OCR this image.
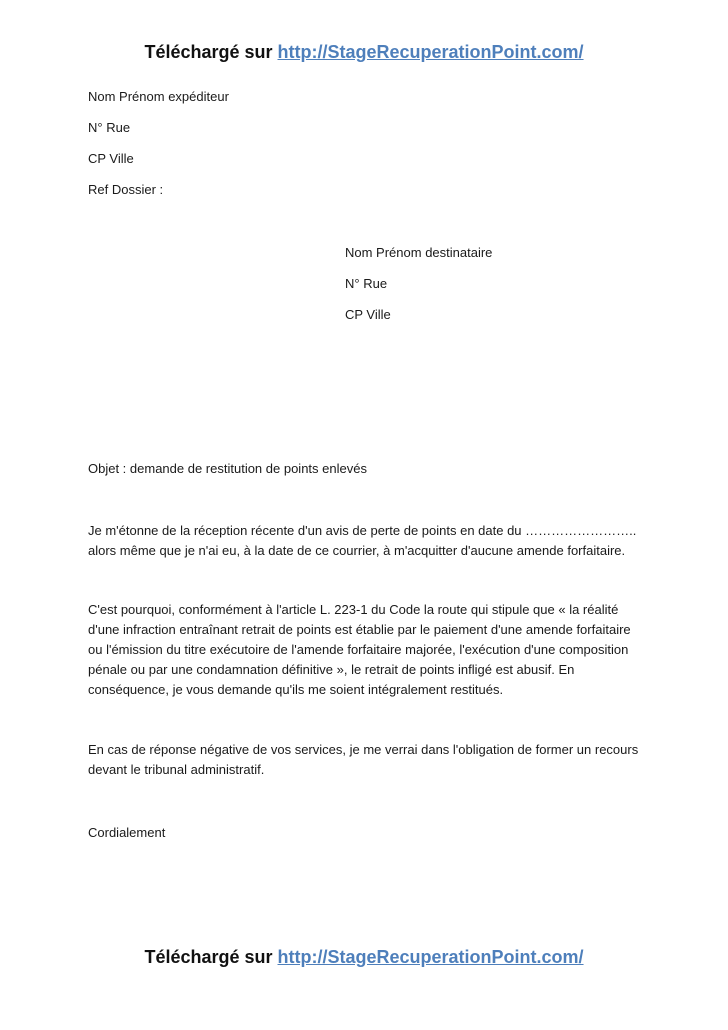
Téléchargé sur http://StageRecuperationPoint.com/

Nom Prénom expéditeur

N° Rue

CP Ville

Ref Dossier :

Nom Prénom destinataire

N° Rue

CP Ville

Objet : demande de restitution de points enlevés

Je m'étonne de la réception récente d'un avis de perte de points en date du …………………….. alors même que je n'ai eu, à la date de ce courrier, à m'acquitter d'aucune amende forfaitaire.

C'est pourquoi, conformément à l'article L. 223-1 du Code la route qui stipule que « la réalité d'une infraction entraînant retrait de points est établie par le paiement d'une amende forfaitaire ou l'émission du titre exécutoire de l'amende forfaitaire majorée, l'exécution d'une composition pénale ou par une condamnation définitive », le retrait de points infligé est abusif. En conséquence, je vous demande qu'ils me soient intégralement restitués.

En cas de réponse négative de vos services, je me verrai dans l'obligation de former un recours devant le tribunal administratif.

Cordialement

Téléchargé sur http://StageRecuperationPoint.com/
